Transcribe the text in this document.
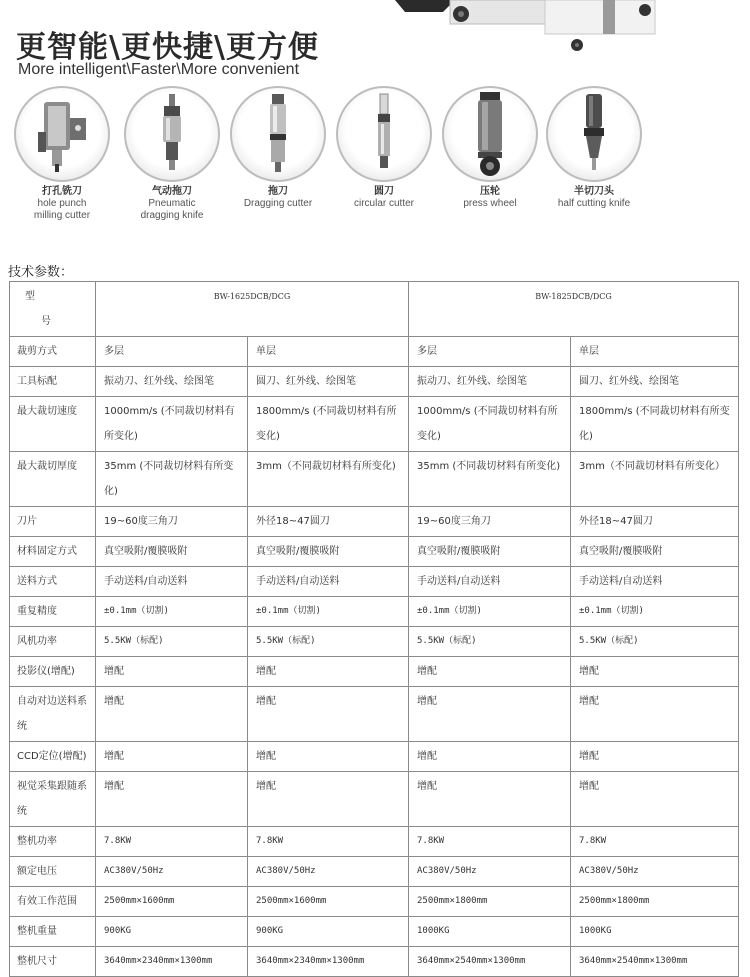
更智能\更快捷\更方便
More intelligent\Faster\More convenient
打孔铣刀
hole punch
milling cutter
气动拖刀
Pneumatic
dragging knife
拖刀
Dragging cutter
圆刀
circular cutter
压轮
press wheel
半切刀头
half cutting knife
技术参数：
型
号	BW-1625DCB/DCG		BW-1825DCB/DCG	
裁剪方式	多层	单层	多层	单层
工具标配	振动刀、红外线、绘图笔	圆刀、红外线、绘图笔	振动刀、红外线、绘图笔	圆刀、红外线、绘图笔
最大裁切速度	1000mm/s (不同裁切材料有所变化)	1800mm/s (不同裁切材料有所变化)	1000mm/s (不同裁切材料有所变化)	1800mm/s (不同裁切材料有所变化)
最大裁切厚度	35mm (不同裁切材料有所变化)	3mm（不同裁切材料有所变化)	35mm (不同裁切材料有所变化)	3mm（不同裁切材料有所变化）
刀片	19~60度三角刀	外径18~47圆刀	19~60度三角刀	外径18~47圆刀
材料固定方式	真空吸附/覆膜吸附	真空吸附/覆膜吸附	真空吸附/覆膜吸附	真空吸附/覆膜吸附
送料方式	手动送料/自动送料	手动送料/自动送料	手动送料/自动送料	手动送料/自动送料
重复精度	±0.1mm（切割)	±0.1mm（切割)	±0.1mm（切割)	±0.1mm（切割)
风机功率	5.5KW（标配)	5.5KW（标配)	5.5KW（标配)	5.5KW（标配)
投影仪(增配)	增配	增配	增配	增配
自动对边送料系统	增配	增配	增配	增配
CCD定位(增配)	增配	增配	增配	增配
视觉采集跟随系统	增配	增配	增配	增配
整机功率	7.8KW	7.8KW	7.8KW	7.8KW
额定电压	AC380V/50Hz	AC380V/50Hz	AC380V/50Hz	AC380V/50Hz
有效工作范围	2500mm×1600mm	2500mm×1600mm	2500mm×1800mm	2500mm×1800mm
整机重量	900KG	900KG	1000KG	1000KG
整机尺寸	3640mm×2340mm×1300mm	3640mm×2340mm×1300mm	3640mm×2540mm×1300mm	3640mm×2540mm×1300mm
